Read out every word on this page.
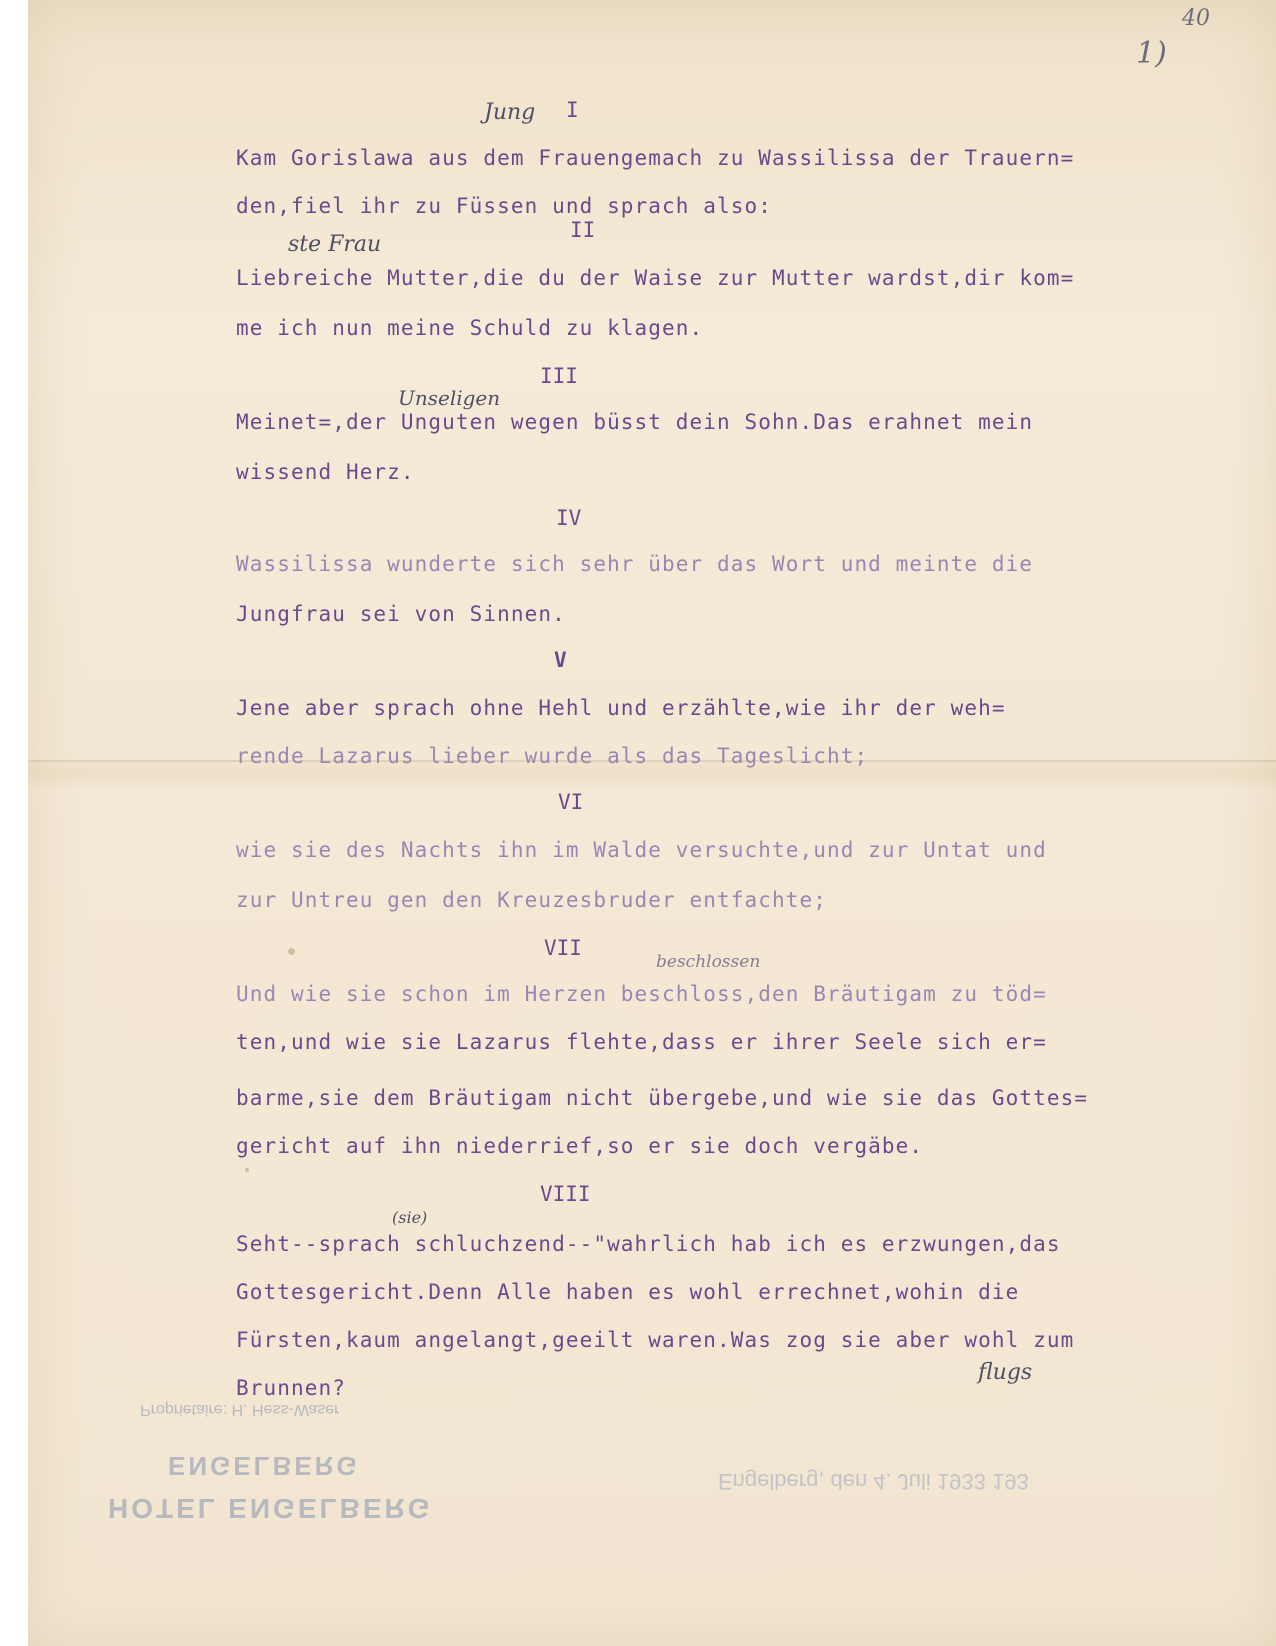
1)
40
Jung
ste Frau
Unseligen
beschlossen
(sie)
flugs
I
II
III
IV
V
VI
VII
VIII
Kam Gorislawa aus dem Frauengemach zu Wassilissa der Trauern=
den,fiel ihr zu Füssen und sprach also:
Liebreiche Mutter,die du der Waise zur Mutter wardst,dir kom=
me ich nun meine Schuld zu klagen.
Meinet=,der Unguten wegen büsst dein Sohn.Das erahnet mein
wissend Herz.
Wassilissa wunderte sich sehr über das Wort und meinte die
Jungfrau sei von Sinnen.
Jene aber sprach ohne Hehl und erzählte,wie ihr der weh=
rende Lazarus lieber wurde als das Tageslicht;
wie sie des Nachts ihn im Walde versuchte,und zur Untat und
zur Untreu gen den Kreuzesbruder entfachte;
Und wie sie schon im Herzen beschloss,den Bräutigam zu töd=
ten,und wie sie Lazarus flehte,dass er ihrer Seele sich er=
barme,sie dem Bräutigam nicht übergebe,und wie sie das Gottes=
gericht auf ihn niederrief,so er sie doch vergäbe.
Seht--sprach schluchzend--"wahrlich hab ich es erzwungen,das
Gottesgericht.Denn Alle haben es wohl errechnet,wohin die
Fürsten,kaum angelangt,geeilt waren.Was zog sie aber wohl zum
Brunnen?
ENGELBERG
HOTEL ENGELBERG
Proprietaire: H. Hess-Waser
Engelberg, den 4. Juli 1933 193
